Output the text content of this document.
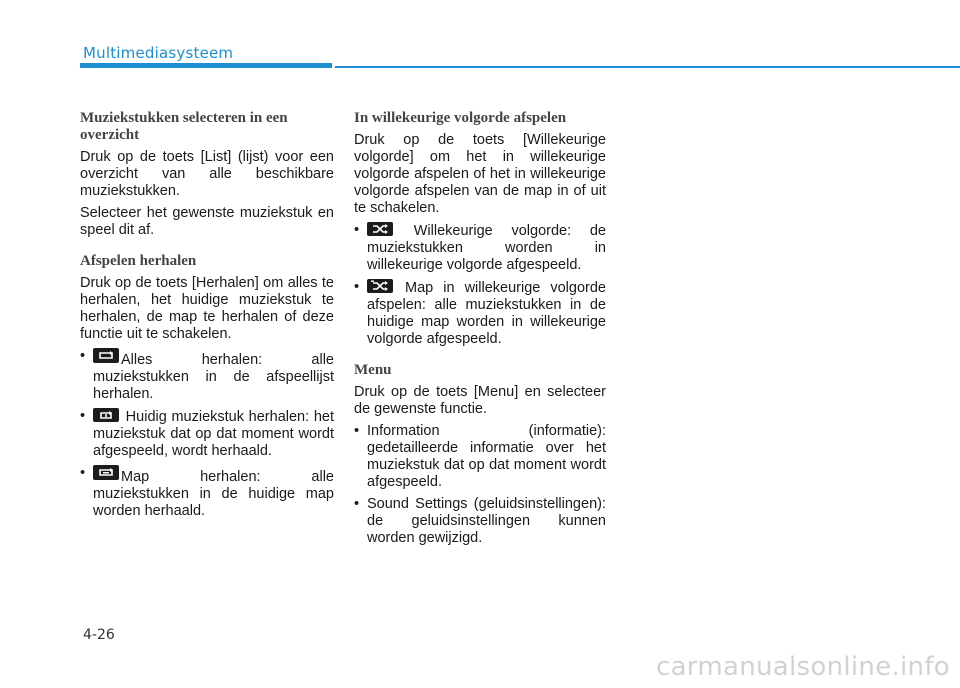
Multimediasysteem
Muziekstukken selecteren in een overzicht

Druk op de toets [List] (lijst) voor een overzicht van alle beschikbare muziekstukken.

Selecteer het gewenste muziekstuk en speel dit af.

Afspelen herhalen

Druk op de toets [Herhalen] om alles te herhalen, het huidige muziekstuk te herhalen, de map te herhalen of deze functie uit te schakelen.

• Alles herhalen: alle muziekstukken in de afspeellijst herhalen.
• Huidig muziekstuk herhalen: het muziekstuk dat op dat moment wordt afgespeeld, wordt herhaald.
• Map herhalen: alle muziekstukken in de huidige map worden herhaald.
In willekeurige volgorde afspelen

Druk op de toets [Willekeurige volgorde] om het in willekeurige volgorde afspelen of het in willekeurige volgorde afspelen van de map in of uit te schakelen.

• Willekeurige volgorde: de muziekstukken worden in willekeurige volgorde afgespeeld.
• Map in willekeurige volgorde afspelen: alle muziekstukken in de huidige map worden in willekeurige volgorde afgespeeld.
Menu

Druk op de toets [Menu] en selecteer de gewenste functie.

• Information (informatie): gedetailleerde informatie over het muziekstuk dat op dat moment wordt afgespeeld.
• Sound Settings (geluidsinstellingen): de geluidsinstellingen kunnen worden gewijzigd.
4-26
carmanualsonline.info
